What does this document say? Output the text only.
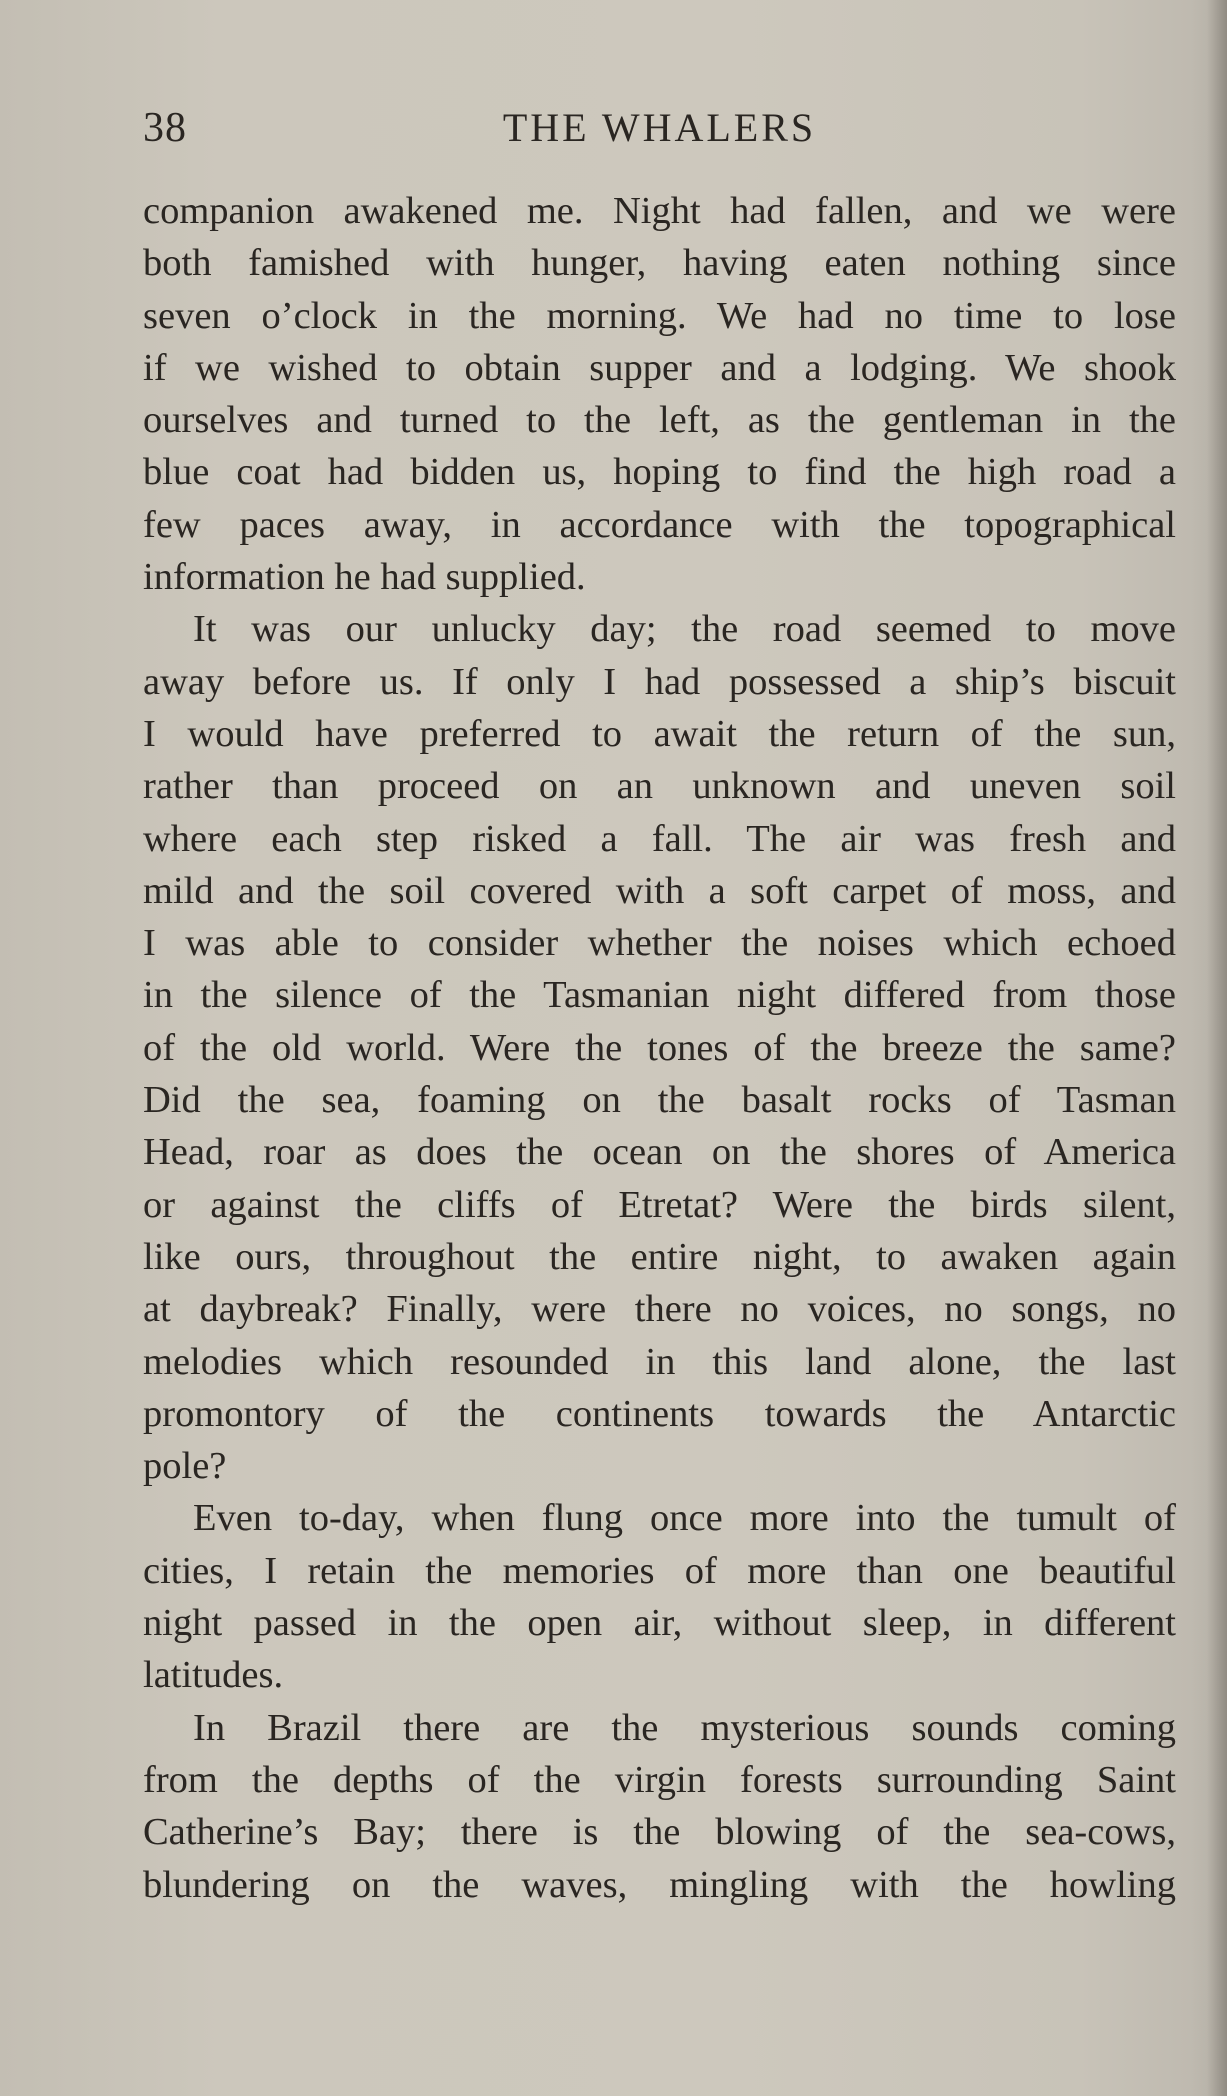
38	THE WHALERS
companion awakened me. Night had fallen, and we were
both famished with hunger, having eaten nothing since
seven o’clock in the morning. We had no time to lose
if we wished to obtain supper and a lodging. We shook
ourselves and turned to the left, as the gentleman in the
blue coat had bidden us, hoping to find the high road a
few paces away, in accordance with the topographical
information he had supplied.
It was our unlucky day; the road seemed to move
away before us. If only I had possessed a ship’s biscuit
I would have preferred to await the return of the sun,
rather than proceed on an unknown and uneven soil
where each step risked a fall. The air was fresh and
mild and the soil covered with a soft carpet of moss, and
I was able to consider whether the noises which echoed
in the silence of the Tasmanian night differed from those
of the old world. Were the tones of the breeze the same?
Did the sea, foaming on the basalt rocks of Tasman
Head, roar as does the ocean on the shores of America
or against the cliffs of Etretat? Were the birds silent,
like ours, throughout the entire night, to awaken again
at daybreak? Finally, were there no voices, no songs, no
melodies which resounded in this land alone, the last
promontory of the continents towards the Antarctic
pole?
Even to-day, when flung once more into the tumult of
cities, I retain the memories of more than one beautiful
night passed in the open air, without sleep, in different
latitudes.
In Brazil there are the mysterious sounds coming
from the depths of the virgin forests surrounding Saint
Catherine’s Bay; there is the blowing of the sea-cows,
blundering on the waves, mingling with the howling
